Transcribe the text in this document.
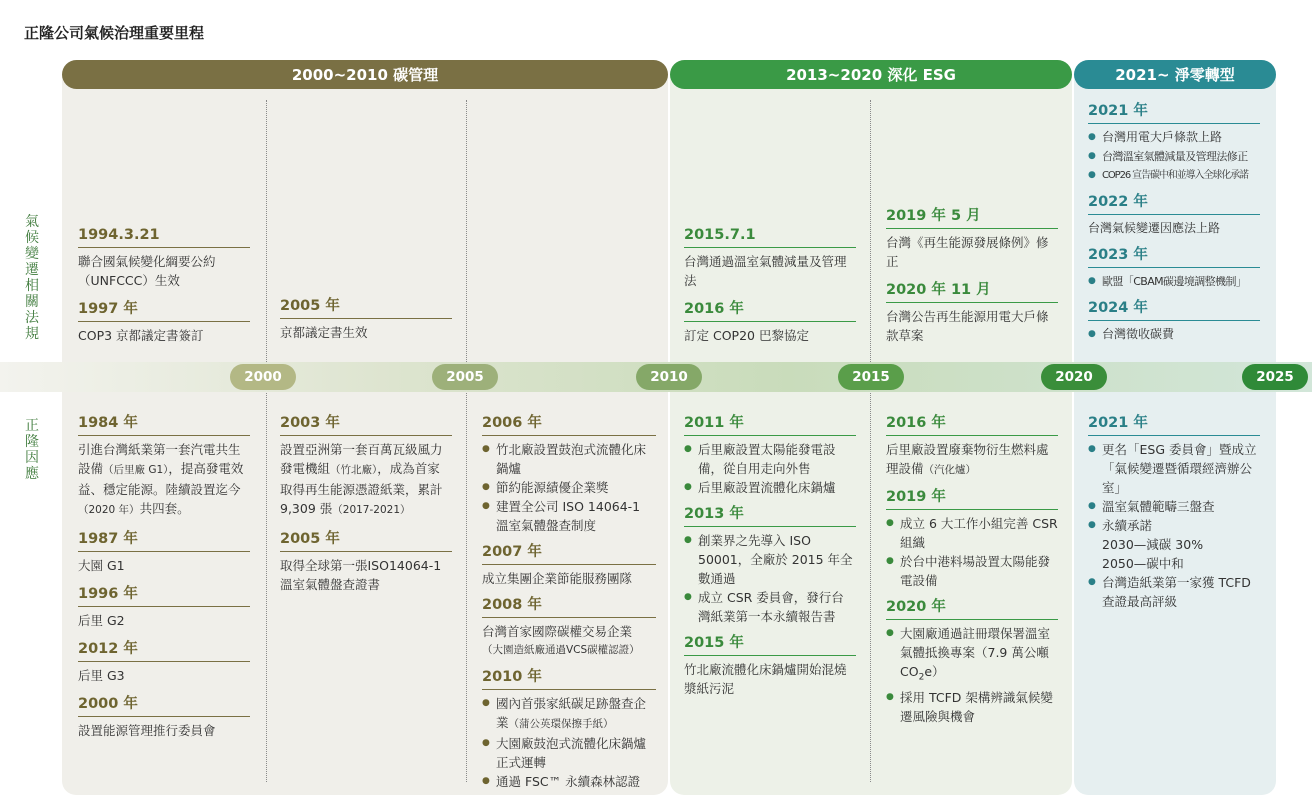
正隆公司氣候治理重要里程
2000~2010 碳管理	2013~2020 深化 ESG	2021~ 淨零轉型
氣候變遷相關法規
正隆因應
2000	2005	2010	2015	2020	2025
1994.3.21
聯合國氣候變化綱要公約（UNFCCC）生效
1997 年
COP3 京都議定書簽訂
2005 年
京都議定書生效
2015.7.1
台灣通過溫室氣體減量及管理法
2016 年
訂定 COP20 巴黎協定
2019 年 5 月
台灣《再生能源發展條例》修正
2020 年 11 月
台灣公告再生能源用電大戶條款草案
2021 年
● 台灣用電大戶條款上路
● 台灣溫室氣體減量及管理法修正
● COP26 宣告碳中和並導入全球化承諾
2022 年
台灣氣候變遷因應法上路
2023 年
● 歐盟「CBAM碳邊境調整機制」
2024 年
● 台灣徵收碳費
1984 年
引進台灣紙業第一套汽電共生設備（后里廠 G1），提高發電效益、穩定能源。陸續設置迄今（2020 年）共四套。
1987 年
大園 G1
1996 年
后里 G2
2012 年
后里 G3
2000 年
設置能源管理推行委員會
2003 年
設置亞洲第一套百萬瓦級風力發電機組（竹北廠），成為首家取得再生能源憑證紙業，累計 9,309 張（2017-2021）
2005 年
取得全球第一張ISO14064-1溫室氣體盤查證書
2006 年
● 竹北廠設置鼓泡式流體化床鍋爐
● 節約能源績優企業獎
● 建置全公司 ISO 14064-1 溫室氣體盤查制度
2007 年
成立集團企業節能服務團隊
2008 年
台灣首家國際碳權交易企業
（大園造紙廠通過VCS碳權認證）
2010 年
● 國內首張家紙碳足跡盤查企業（蒲公英環保擦手紙）
● 大園廠鼓泡式流體化床鍋爐正式運轉
● 通過 FSC™ 永續森林認證
2011 年
● 后里廠設置太陽能發電設備，從自用走向外售
● 后里廠設置流體化床鍋爐
2013 年
● 創業界之先導入 ISO 50001，全廠於 2015 年全數通過
● 成立 CSR 委員會，發行台灣紙業第一本永續報告書
2015 年
竹北廠流體化床鍋爐開始混燒漿紙污泥
2016 年
后里廠設置廢棄物衍生燃料處理設備（汽化爐）
2019 年
● 成立 6 大工作小組完善 CSR 組織
● 於台中港料場設置太陽能發電設備
2020 年
● 大園廠通過註冊環保署溫室氣體抵換專案（7.9 萬公噸 $CO_2e$）
● 採用 TCFD 架構辨識氣候變遷風險與機會
2021 年
● 更名「ESG 委員會」暨成立「氣候變遷暨循環經濟辦公室」
● 溫室氣體範疇三盤查
● 永續承諾
2030—減碳 30%
2050—碳中和
● 台灣造紙業第一家獲 TCFD 查證最高評級
